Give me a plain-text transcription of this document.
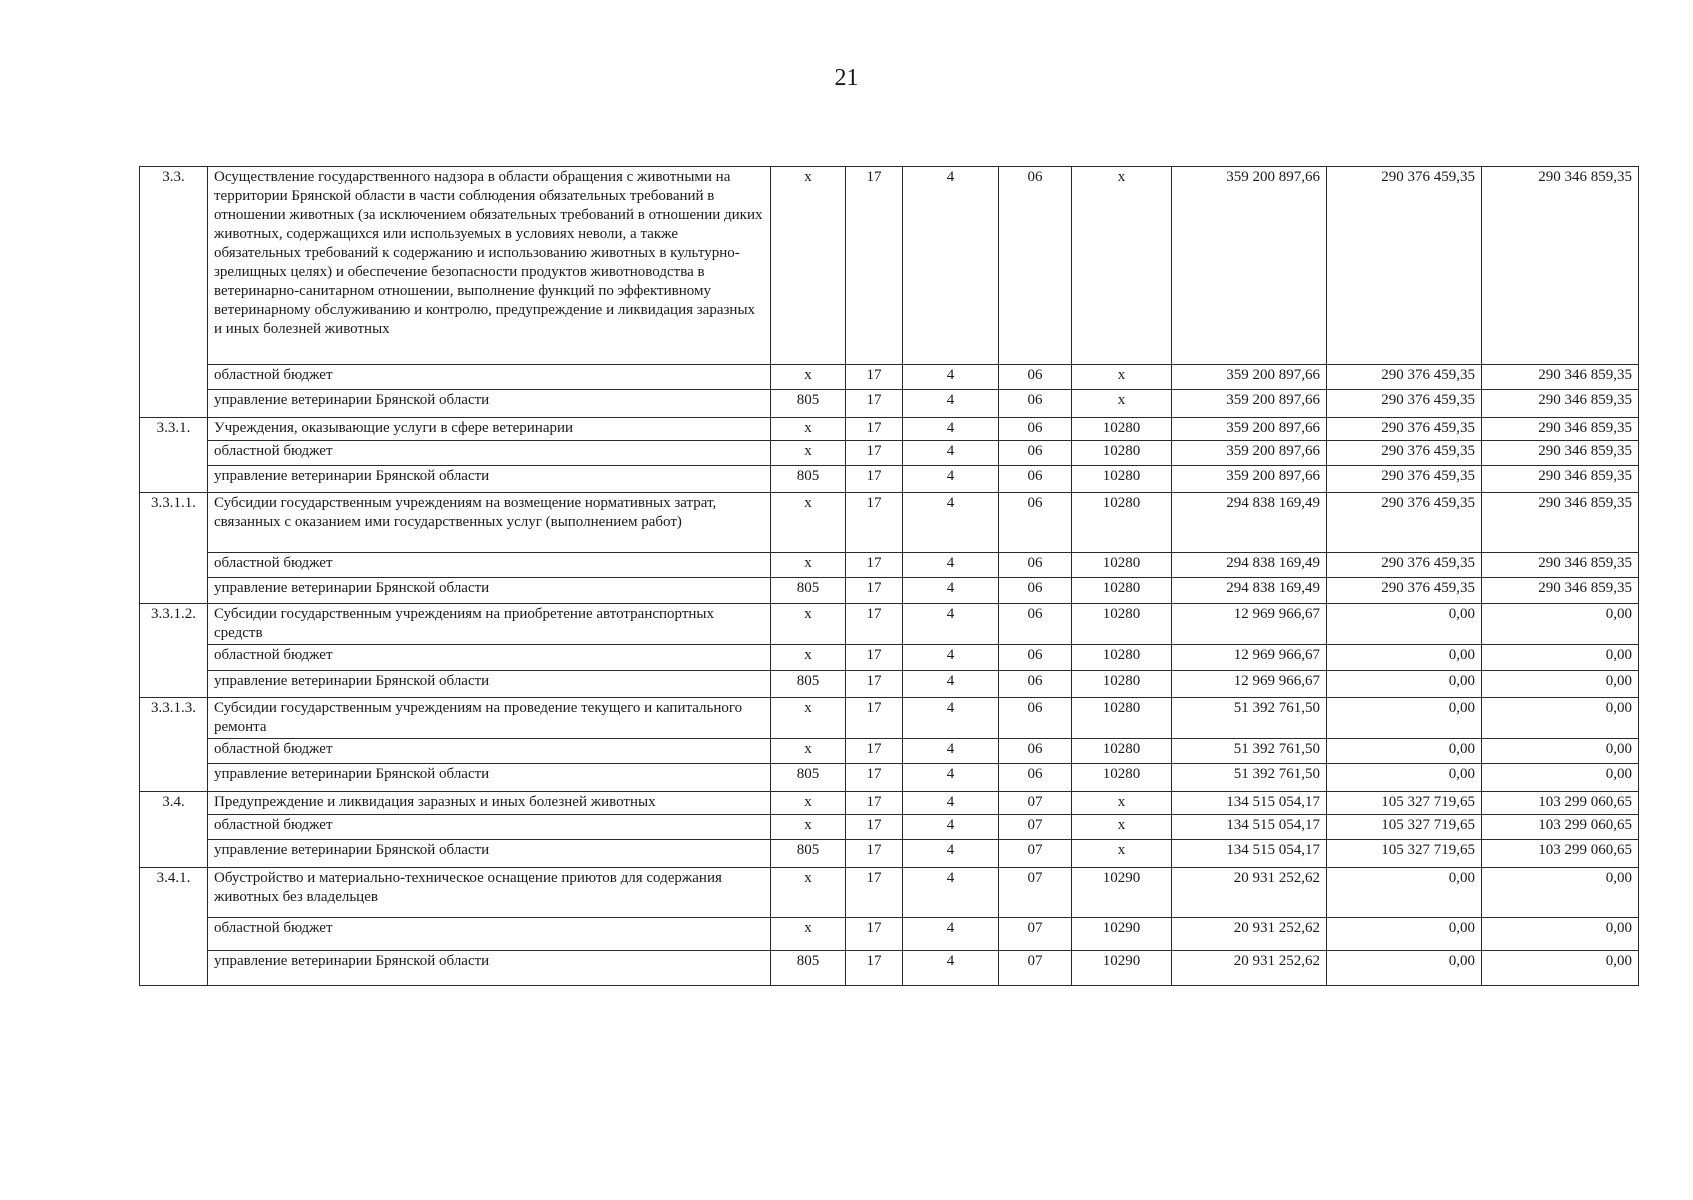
21
3.3.	Осуществление государственного надзора в области обращения с животными на территории Брянской области в части соблюдения обязательных требований в отношении животных (за исключением обязательных требований в отношении диких животных, содержащихся или используемых в условиях неволи, а также обязательных требований к содержанию и использованию животных в культурно-зрелищных целях) и обеспечение безопасности продуктов животноводства в ветеринарно-санитарном отношении, выполнение функций по эффективному ветеринарному обслуживанию и контролю, предупреждение и ликвидация заразных и иных болезней животных	x	17	4	06	x	359 200 897,66	290 376 459,35	290 346 859,35
	областной бюджет	x	17	4	06	x	359 200 897,66	290 376 459,35	290 346 859,35
	управление ветеринарии Брянской области	805	17	4	06	x	359 200 897,66	290 376 459,35	290 346 859,35
3.3.1.	Учреждения, оказывающие услуги в сфере ветеринарии	x	17	4	06	10280	359 200 897,66	290 376 459,35	290 346 859,35
	областной бюджет	x	17	4	06	10280	359 200 897,66	290 376 459,35	290 346 859,35
	управление ветеринарии Брянской области	805	17	4	06	10280	359 200 897,66	290 376 459,35	290 346 859,35
3.3.1.1.	Субсидии государственным учреждениям на возмещение нормативных затрат, связанных с оказанием ими государственных услуг (выполнением работ)	x	17	4	06	10280	294 838 169,49	290 376 459,35	290 346 859,35
	областной бюджет	x	17	4	06	10280	294 838 169,49	290 376 459,35	290 346 859,35
	управление ветеринарии Брянской области	805	17	4	06	10280	294 838 169,49	290 376 459,35	290 346 859,35
3.3.1.2.	Субсидии государственным учреждениям на приобретение автотранспортных средств	x	17	4	06	10280	12 969 966,67	0,00	0,00
	областной бюджет	x	17	4	06	10280	12 969 966,67	0,00	0,00
	управление ветеринарии Брянской области	805	17	4	06	10280	12 969 966,67	0,00	0,00
3.3.1.3.	Субсидии государственным учреждениям на проведение текущего и капитального ремонта	x	17	4	06	10280	51 392 761,50	0,00	0,00
	областной бюджет	x	17	4	06	10280	51 392 761,50	0,00	0,00
	управление ветеринарии Брянской области	805	17	4	06	10280	51 392 761,50	0,00	0,00
3.4.	Предупреждение и ликвидация заразных и иных болезней животных	x	17	4	07	x	134 515 054,17	105 327 719,65	103 299 060,65
	областной бюджет	x	17	4	07	x	134 515 054,17	105 327 719,65	103 299 060,65
	управление ветеринарии Брянской области	805	17	4	07	x	134 515 054,17	105 327 719,65	103 299 060,65
3.4.1.	Обустройство и материально-техническое оснащение приютов для содержания животных без владельцев	x	17	4	07	10290	20 931 252,62	0,00	0,00
	областной бюджет	x	17	4	07	10290	20 931 252,62	0,00	0,00
	управление ветеринарии Брянской области	805	17	4	07	10290	20 931 252,62	0,00	0,00
